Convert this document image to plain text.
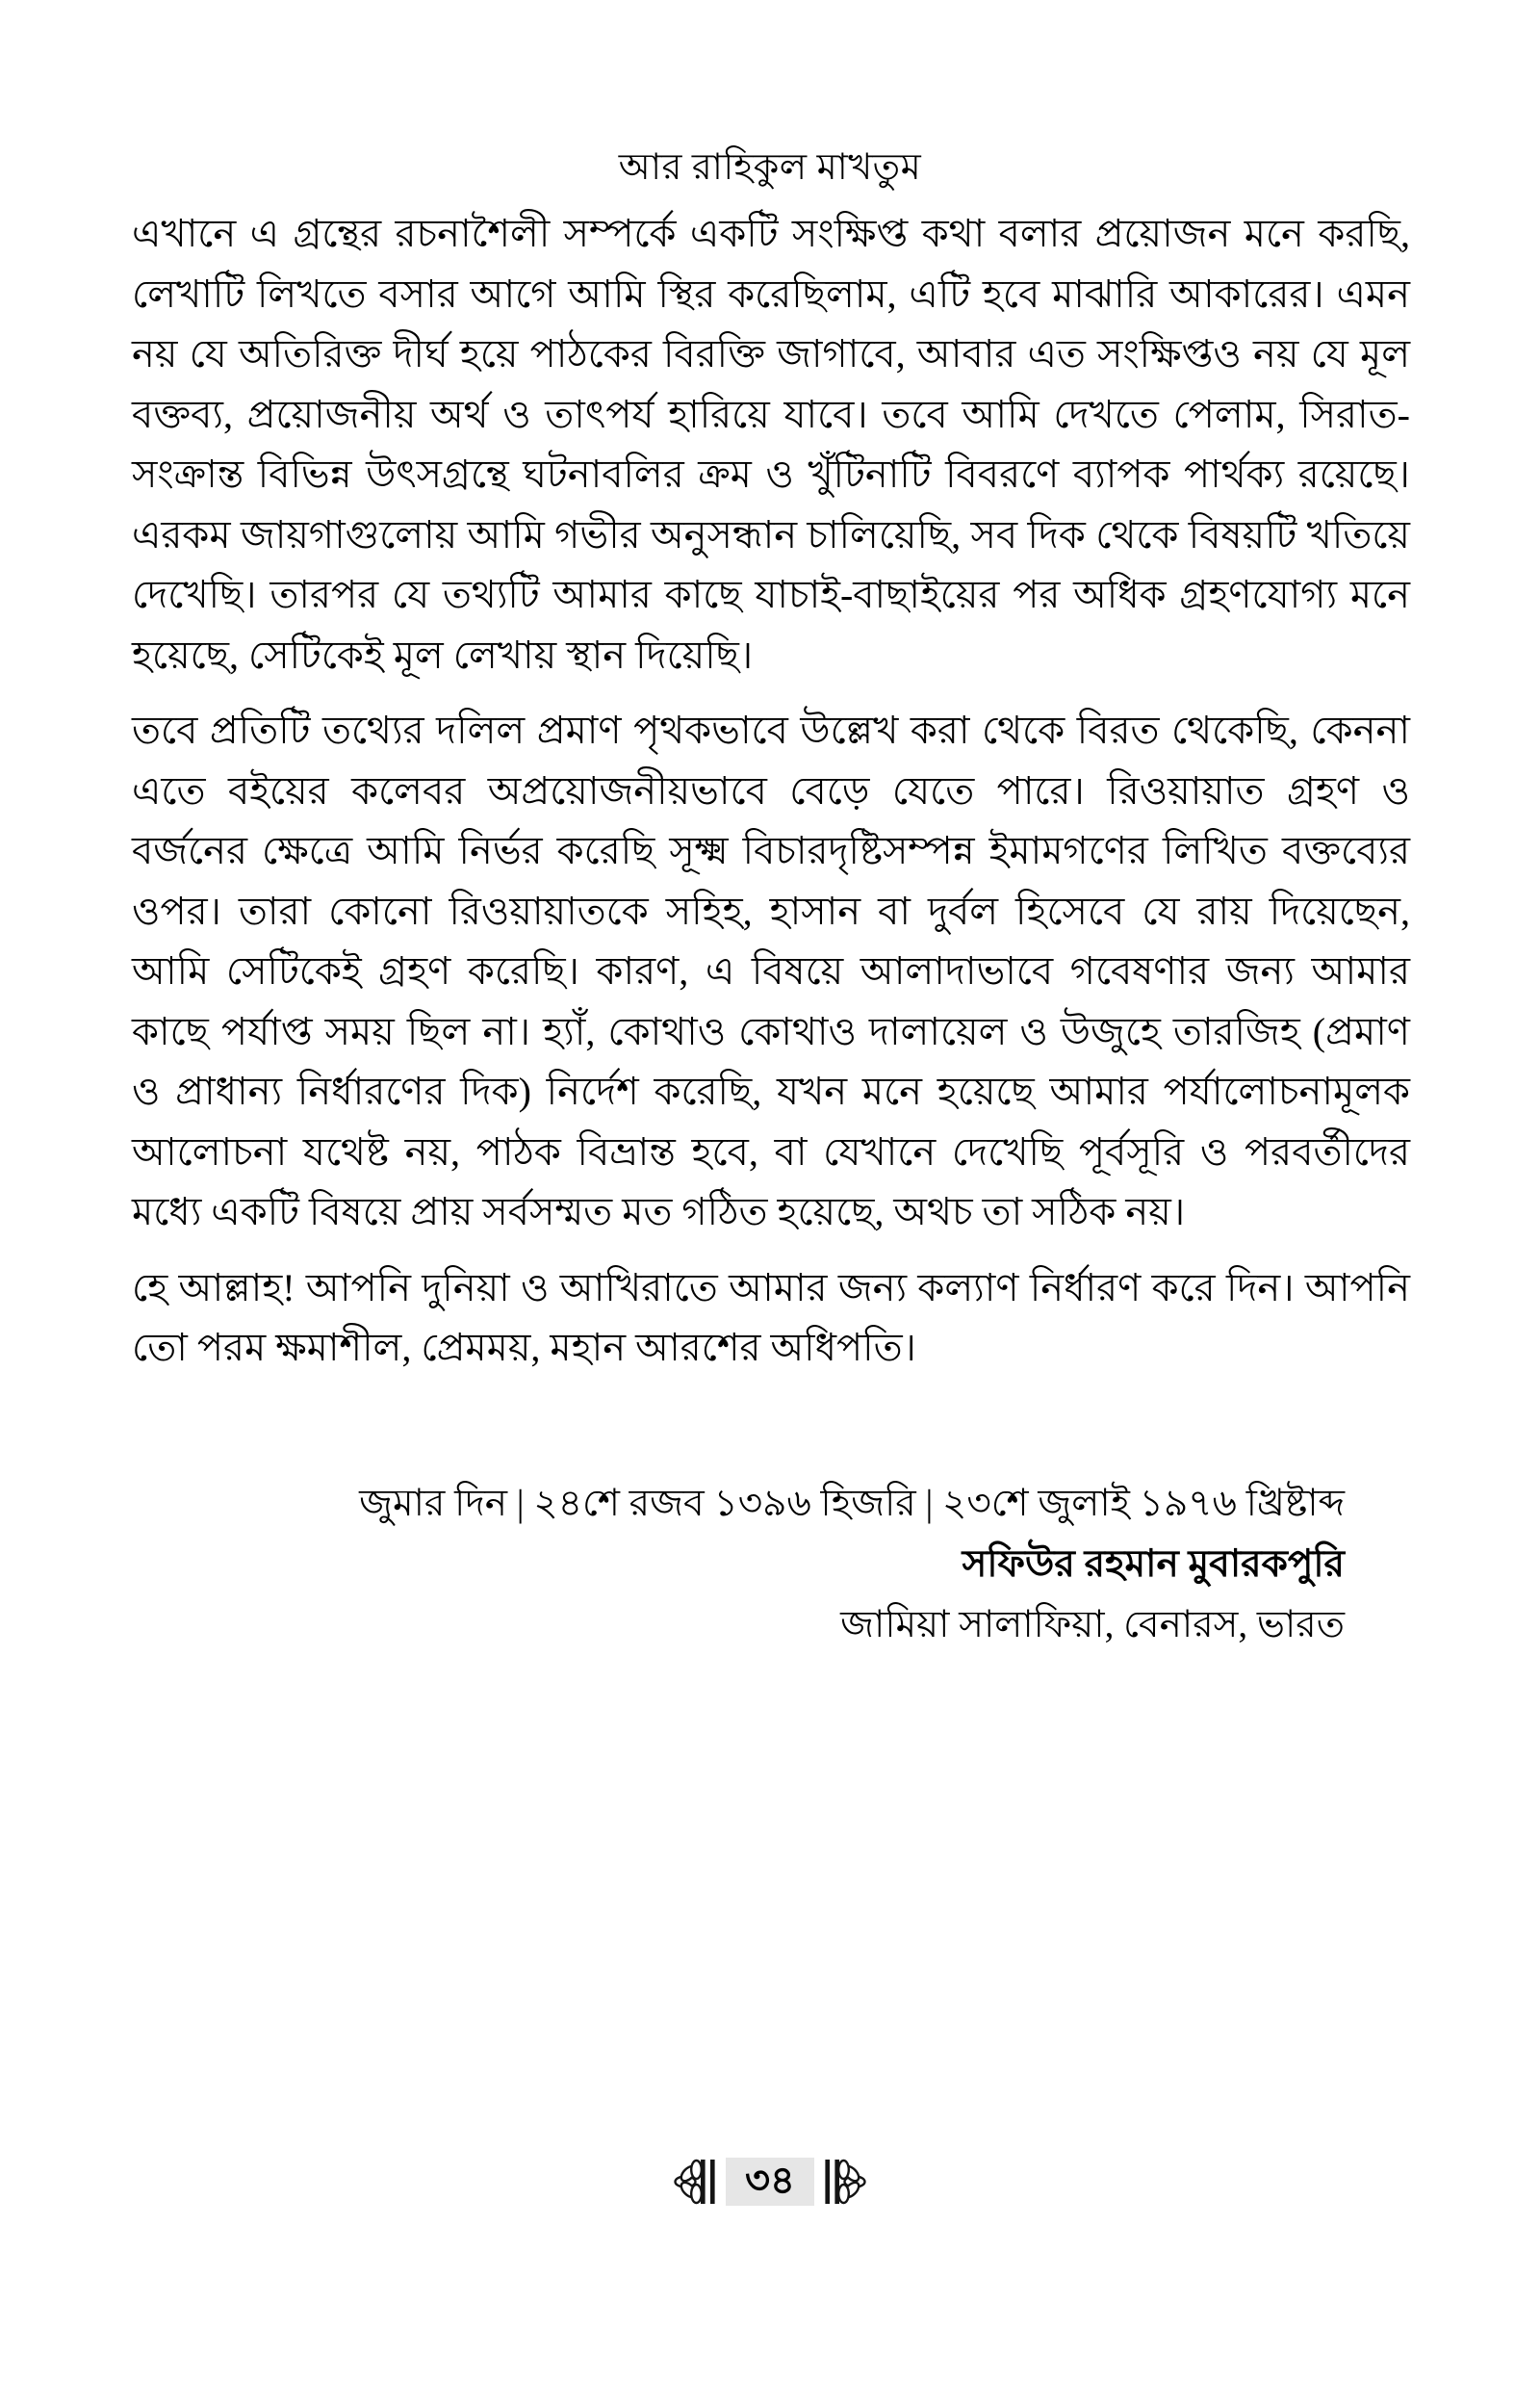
আর রাহিকুল মাখতুম

এখানে এ গ্রন্থের রচনাশৈলী সম্পর্কে একটি সংক্ষিপ্ত কথা বলার প্রয়োজন মনে করছি, লেখাটি লিখতে বসার আগে আমি স্থির করেছিলাম, এটি হবে মাঝারি আকারের। এমন নয় যে অতিরিক্ত দীর্ঘ হয়ে পাঠকের বিরক্তি জাগাবে, আবার এত সংক্ষিপ্তও নয় যে মূল বক্তব্য, প্রয়োজনীয় অর্থ ও তাৎপর্য হারিয়ে যাবে। তবে আমি দেখতে পেলাম, সিরাত-সংক্রান্ত বিভিন্ন উৎসগ্রন্থে ঘটনাবলির ক্রম ও খুঁটিনাটি বিবরণে ব্যাপক পার্থক্য রয়েছে। এরকম জায়গাগুলোয় আমি গভীর অনুসন্ধান চালিয়েছি, সব দিক থেকে বিষয়টি খতিয়ে দেখেছি। তারপর যে তথ্যটি আমার কাছে যাচাই-বাছাইয়ের পর অধিক গ্রহণযোগ্য মনে হয়েছে, সেটিকেই মূল লেখায় স্থান দিয়েছি।

তবে প্রতিটি তথ্যের দলিল প্রমাণ পৃথকভাবে উল্লেখ করা থেকে বিরত থেকেছি, কেননা এতে বইয়ের কলেবর অপ্রয়োজনীয়ভাবে বেড়ে যেতে পারে। রিওয়ায়াত গ্রহণ ও বর্জনের ক্ষেত্রে আমি নির্ভর করেছি সূক্ষ্ম বিচারদৃষ্টিসম্পন্ন ইমামগণের লিখিত বক্তব্যের ওপর। তারা কোনো রিওয়ায়াতকে সহিহ, হাসান বা দুর্বল হিসেবে যে রায় দিয়েছেন, আমি সেটিকেই গ্রহণ করেছি। কারণ, এ বিষয়ে আলাদাভাবে গবেষণার জন্য আমার কাছে পর্যাপ্ত সময় ছিল না। হ্যাঁ, কোথাও কোথাও দালায়েল ও উজুহে তারজিহ (প্রমাণ ও প্রাধান্য নির্ধারণের দিক) নির্দেশ করেছি, যখন মনে হয়েছে আমার পর্যালোচনামূলক আলোচনা যথেষ্ট নয়, পাঠক বিভ্রান্ত হবে, বা যেখানে দেখেছি পূর্বসূরি ও পরবর্তীদের মধ্যে একটি বিষয়ে প্রায় সর্বসম্মত মত গঠিত হয়েছে, অথচ তা সঠিক নয়।

হে আল্লাহ! আপনি দুনিয়া ও আখিরাতে আমার জন্য কল্যাণ নির্ধারণ করে দিন। আপনি তো পরম ক্ষমাশীল, প্রেমময়, মহান আরশের অধিপতি।

জুমার দিন | ২৪শে রজব ১৩৯৬ হিজরি | ২৩শে জুলাই ১৯৭৬ খ্রিষ্টাব্দ
সফিউর রহমান মুবারকপুরি
জামিয়া সালাফিয়া, বেনারস, ভারত
৩৪
